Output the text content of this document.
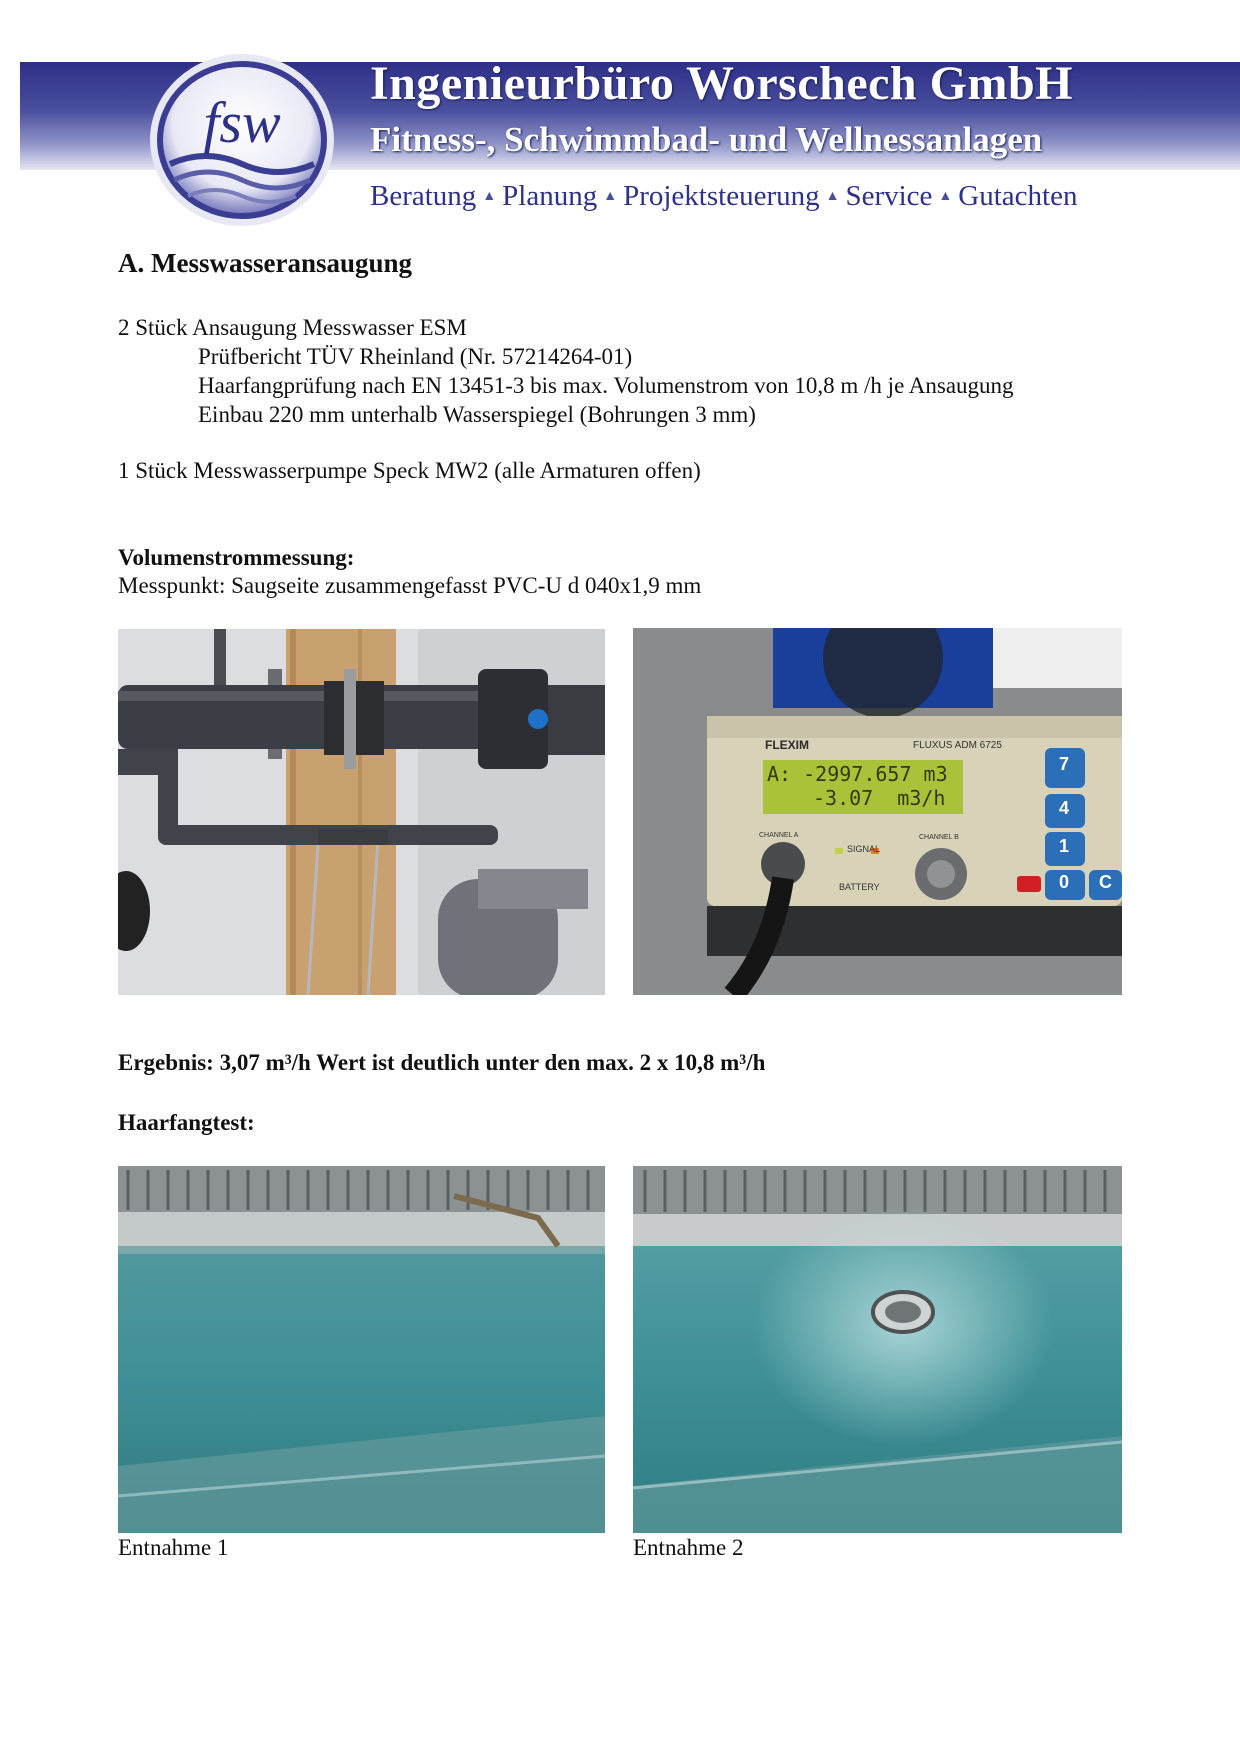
fsw
Ingenieurbüro Worschech GmbH
Fitness-, Schwimmbad- und Wellnessanlagen
Beratung ▲ Planung ▲ Projektsteuerung ▲ Service ▲ Gutachten
A. Messwasseransaugung
2 Stück Ansaugung Messwasser ESM
Prüfbericht TÜV Rheinland (Nr. 57214264-01)
Haarfangprüfung nach EN 13451-3 bis max. Volumenstrom von 10,8 m /h je Ansaugung
Einbau 220 mm unterhalb Wasserspiegel (Bohrungen 3 mm)
1 Stück Messwasserpumpe Speck MW2 (alle Armaturen offen)
Volumenstrommessung:
Messpunkt: Saugseite zusammengefasst PVC-U d 040x1,9 mm
FLEXIM	FLUXUS ADM 6725
A: -2997.657 m3
-3.07  m3/h
CHANNEL A
SIGNAL
CHANNEL B
BATTERY
7
4
1
0 C
Ergebnis: 3,07 m³/h Wert ist deutlich unter den max. 2 x 10,8 m³/h
Haarfangtest:
Entnahme 1	Entnahme 2
